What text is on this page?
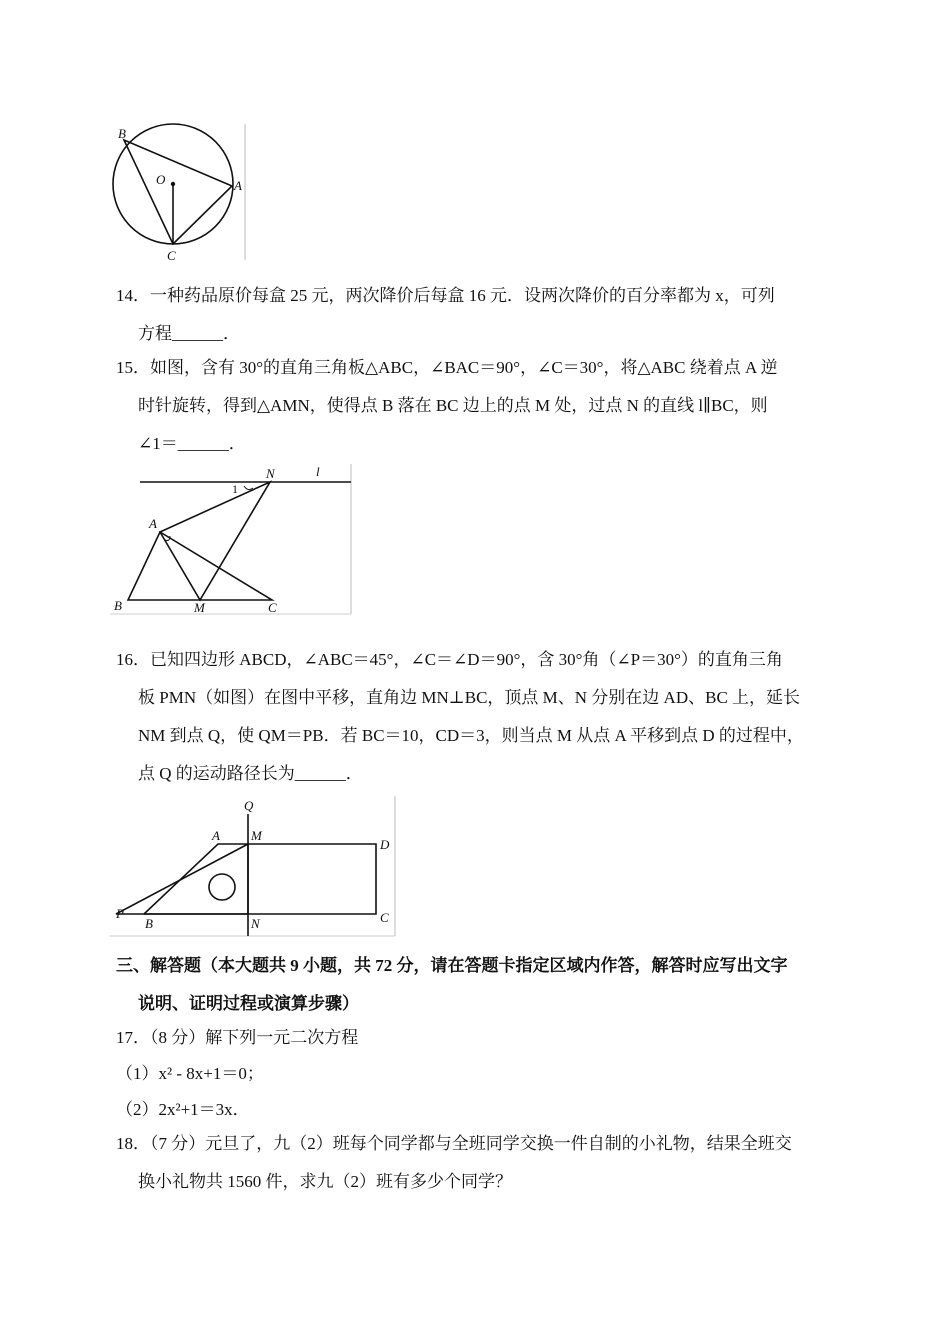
B
O	A
C
14．一种药品原价每盒 25 元，两次降价后每盒 16 元．设两次降价的百分率都为 x，可列
方程______．
15．如图，含有 30°的直角三角板△ABC，∠BAC＝90°，∠C＝30°，将△ABC 绕着点 A 逆
时针旋转，得到△AMN，使得点 B 落在 BC 边上的点 M 处，过点 N 的直线 l∥BC，则
∠1＝______．
N	l
1
A
B	M	C
16．已知四边形 ABCD，∠ABC＝45°，∠C＝∠D＝90°，含 30°角（∠P＝30°）的直角三角
板 PMN（如图）在图中平移，直角边 MN⊥BC，顶点 M、N 分别在边 AD、BC 上，延长
NM 到点 Q，使 QM＝PB．若 BC＝10，CD＝3，则当点 M 从点 A 平移到点 D 的过程中，
点 Q 的运动路径长为______．
Q
A M
D
P
B	N	C
三、解答题（本大题共 9 小题，共 72 分，请在答题卡指定区域内作答，解答时应写出文字
说明、证明过程或演算步骤）
17．（8 分）解下列一元二次方程
（1）x² - 8x+1＝0；
（2）2x²+1＝3x．
18．（7 分）元旦了，九（2）班每个同学都与全班同学交换一件自制的小礼物，结果全班交
换小礼物共 1560 件，求九（2）班有多少个同学？
